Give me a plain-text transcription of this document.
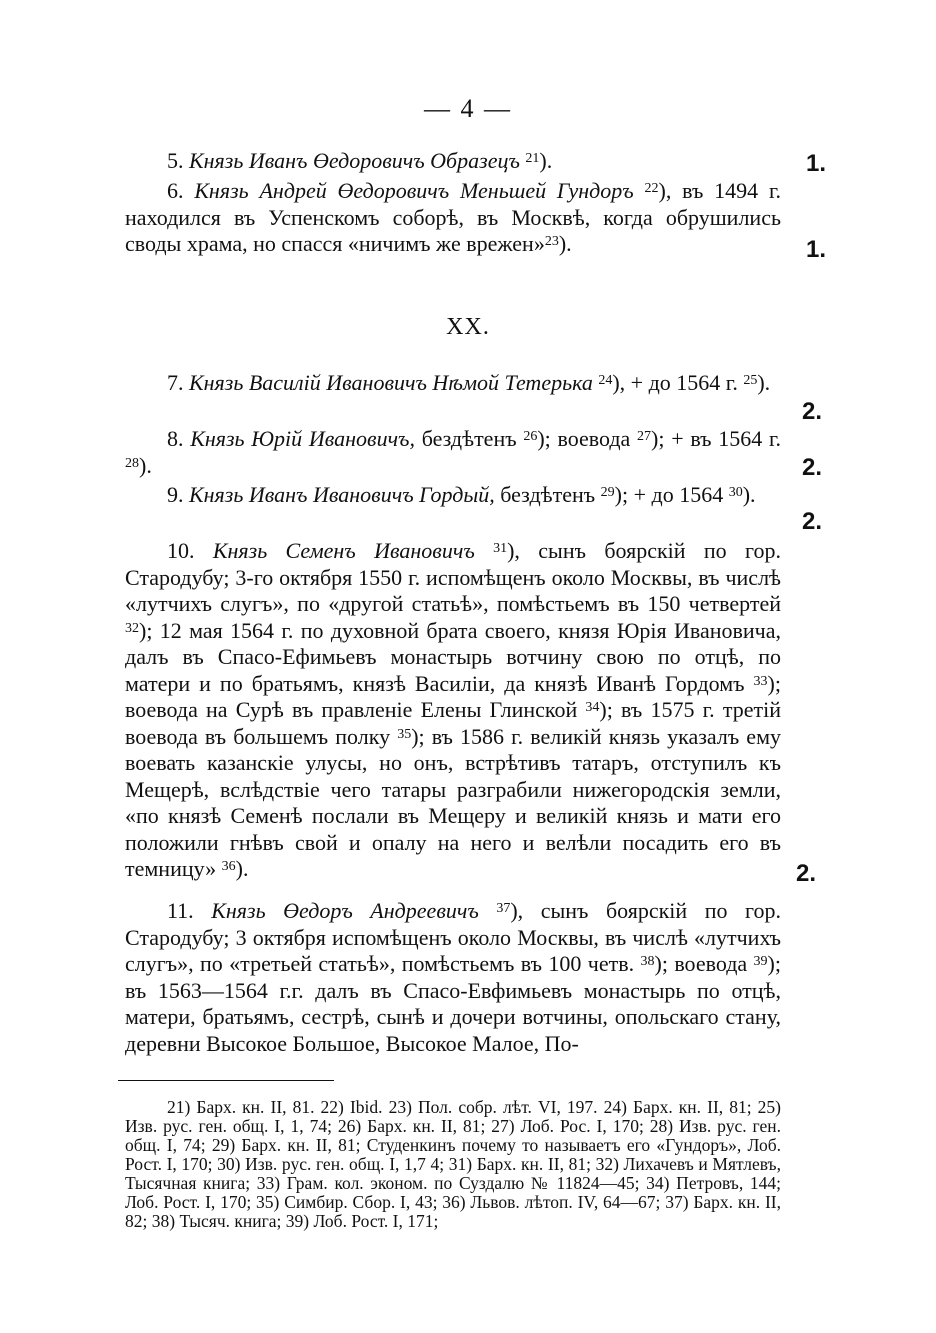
— 4 —
5. Князь Иванъ Өедоровичъ Образецъ $^{21}$).	1.
6. Князь Андрей Өедоровичъ Меньшей Гундоръ $^{22}$), въ 1494 г. находился въ Успенскомъ соборѣ, въ Москвѣ, когда обрушились своды храма, но спасся «ничимъ же врежен»$^{23}$).	1.
XX.
7. Князь Василій Ивановичъ Нѣмой Тетерька $^{24}$), + до 1564 г. $^{25}$).
2.
8. Князь Юрій Ивановичъ, бездѣтенъ $^{26}$); воевода $^{27}$); + въ 1564 г. $^{28}$).	2.
9. Князь Иванъ Ивановичъ Гордый, бездѣтенъ $^{29}$); + до 1564 $^{30}$).
2.
10. Князь Семенъ Ивановичъ $^{31}$), сынъ боярскій по гор. Стародубу; 3-го октября 1550 г. испомѣщенъ около Москвы, въ числѣ «лутчихъ слугъ», по «другой статьѣ», помѣстьемъ въ 150 четвертей $^{32}$); 12 мая 1564 г. по духовной брата своего, князя Юрія Ивановича, далъ въ Спасо-Ефимьевъ монастырь вотчину свою по отцѣ, по матери и по братьямъ, князѣ Василіи, да князѣ Иванѣ Гордомъ $^{33}$); воевода на Сурѣ въ правленіе Елены Глинской $^{34}$); въ 1575 г. третій воевода въ большемъ полку $^{35}$); въ 1586 г. великій князь указалъ ему воевать казанскіе улусы, но онъ, встрѣтивъ татаръ, отступилъ къ Мещерѣ, вслѣдствіе чего татары разграбили нижегородскія земли, «по князѣ Семенѣ послали въ Мещеру и великій князь и мати его положили гнѣвъ свой и опалу на него и велѣли посадить его въ темницу» $^{36}$).	2.
11. Князь Өедоръ Андреевичъ $^{37}$), сынъ боярскій по гор. Стародубу; 3 октября испомѣщенъ около Москвы, въ числѣ «лутчихъ слугъ», по «третьей статьѣ», помѣстьемъ въ 100 четв. $^{38}$); воевода $^{39}$); въ 1563—1564 г.г. далъ въ Спасо-Евфимьевъ монастырь по отцѣ, матери, братьямъ, сестрѣ, сынѣ и дочери вотчины, опольскаго стану, деревни Высокое Большое, Высокое Малое, По-
21) Барх. кн. II, 81. 22) Ibid. 23) Пол. собр. лѣт. VI, 197. 24) Барх. кн. II, 81; 25) Изв. рус. ген. общ. I, 1, 74; 26) Барх. кн. II, 81; 27) Лоб. Рос. I, 170; 28) Изв. рус. ген. общ. I, 74; 29) Барх. кн. II, 81; Студенкинъ почему то называетъ его «Гундоръ», Лоб. Рост. I, 170; 30) Изв. рус. ген. общ. I, 1,7 4; 31) Барх. кн. II, 81; 32) Лихачевъ и Мятлевъ, Тысячная книга; 33) Грам. кол. эконом. по Суздалю № 11824—45; 34) Петровъ, 144; Лоб. Рост. I, 170; 35) Симбир. Сбор. I, 43; 36) Львов. лѣтоп. IV, 64—67; 37) Барх. кн. II, 82; 38) Тысяч. книга; 39) Лоб. Рост. I, 171;
